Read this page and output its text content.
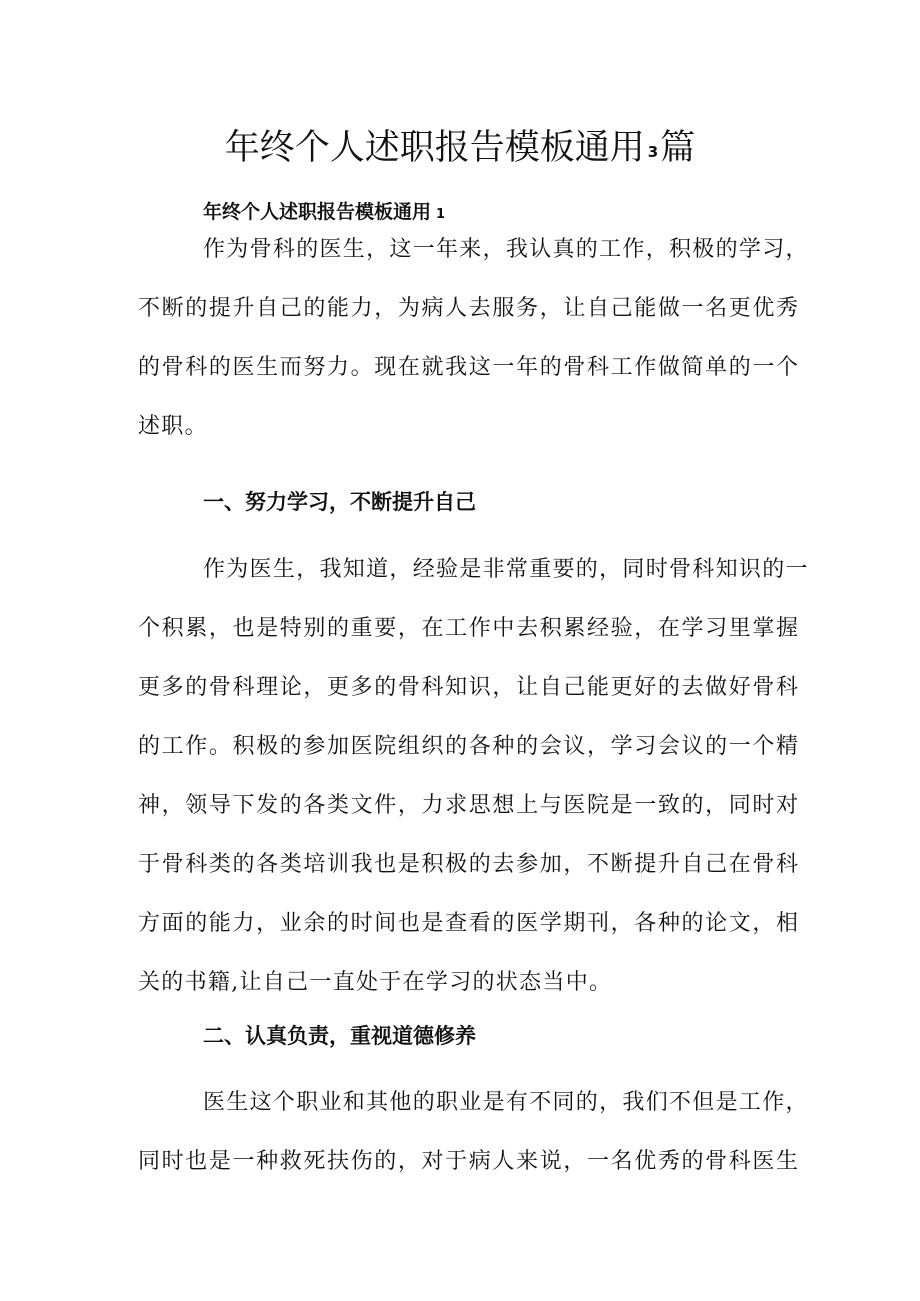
年终个人述职报告模板通用 3篇
年终个人述职报告模板通用 1
作为骨科的医生，这一年来，我认真的工作，积极的学习，
不断的提升自己的能力，为病人去服务，让自己能做一名更优秀
的骨科的医生而努力。现在就我这一年的骨科工作做简单的一个
述职。
一、努力学习，不断提升自己
作为医生，我知道，经验是非常重要的，同时骨科知识的一
个积累，也是特别的重要，在工作中去积累经验，在学习里掌握
更多的骨科理论，更多的骨科知识，让自己能更好的去做好骨科
的工作。积极的参加医院组织的各种的会议，学习会议的一个精
神，领导下发的各类文件，力求思想上与医院是一致的，同时对
于骨科类的各类培训我也是积极的去参加，不断提升自己在骨科
方面的能力，业余的时间也是查看的医学期刊，各种的论文，相
关的书籍,让自己一直处于在学习的状态当中。
二、认真负责，重视道德修养
医生这个职业和其他的职业是有不同的，我们不但是工作，
同时也是一种救死扶伤的，对于病人来说，一名优秀的骨科医生
